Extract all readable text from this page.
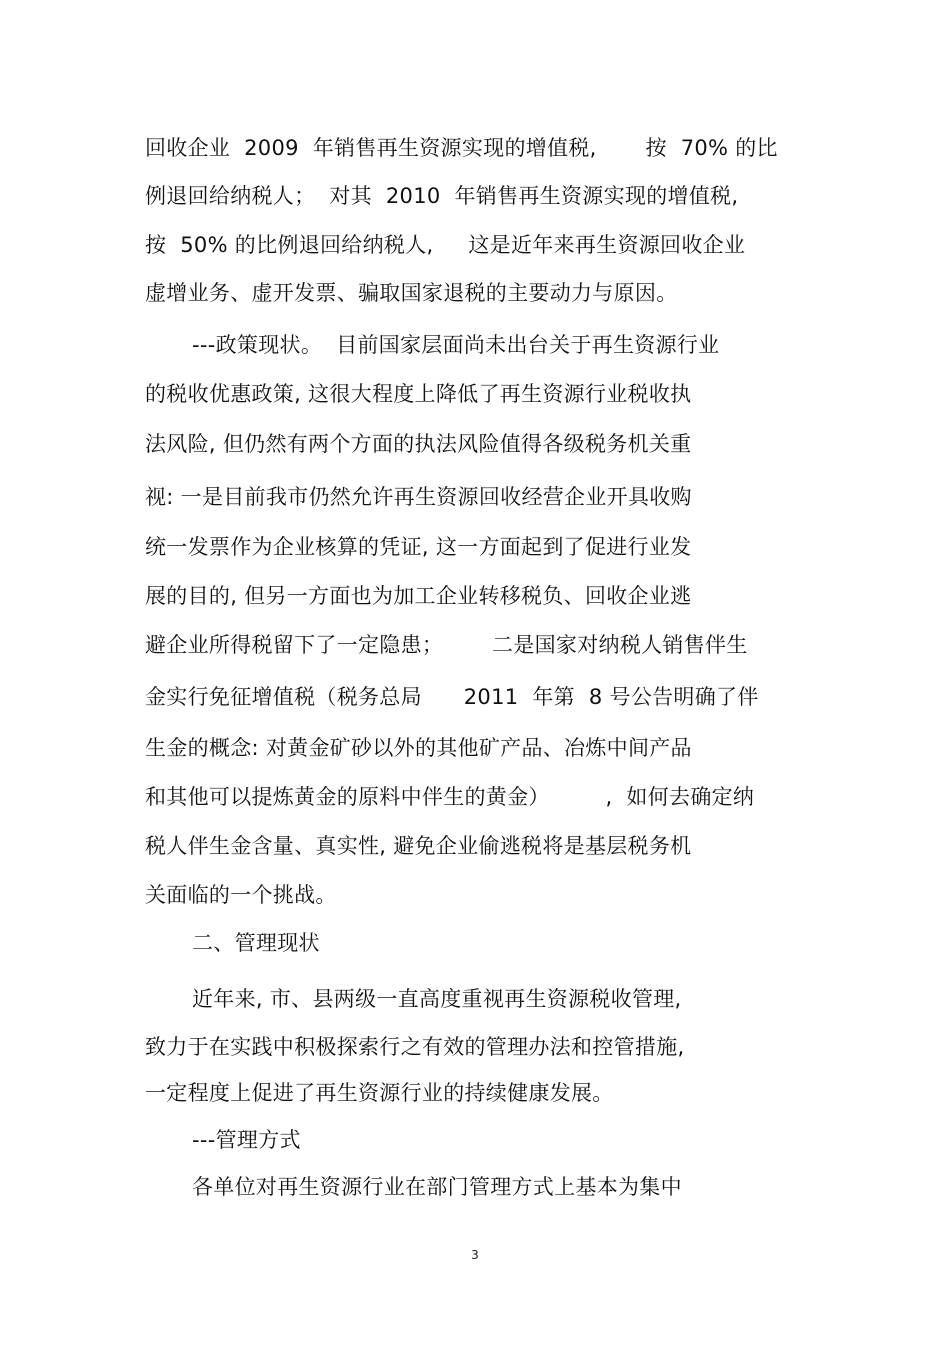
回收企业  2009  年销售再生资源实现的增值税,       按  70% 的比
例退回给纳税人；  对其  2010  年销售再生资源实现的增值税,
按  50% 的比例退回给纳税人,     这是近年来再生资源回收企业
虚增业务、虚开发票、骗取国家退税的主要动力与原因。
---政策现状。  目前国家层面尚未出台关于再生资源行业
的税收优惠政策, 这很大程度上降低了再生资源行业税收执
法风险, 但仍然有两个方面的执法风险值得各级税务机关重
视: 一是目前我市仍然允许再生资源回收经营企业开具收购
统一发票作为企业核算的凭证, 这一方面起到了促进行业发
展的目的, 但另一方面也为加工企业转移税负、回收企业逃
避企业所得税留下了一定隐患；       二是国家对纳税人销售伴生
金实行免征增值税（税务总局      2011  年第  8 号公告明确了伴
生金的概念: 对黄金矿砂以外的其他矿产品、冶炼中间产品
和其他可以提炼黄金的原料中伴生的黄金）        ,  如何去确定纳
税人伴生金含量、真实性, 避免企业偷逃税将是基层税务机
关面临的一个挑战。
二、管理现状
近年来, 市、县两级一直高度重视再生资源税收管理,
致力于在实践中积极探索行之有效的管理办法和控管措施,
一定程度上促进了再生资源行业的持续健康发展。
---管理方式
各单位对再生资源行业在部门管理方式上基本为集中
3
